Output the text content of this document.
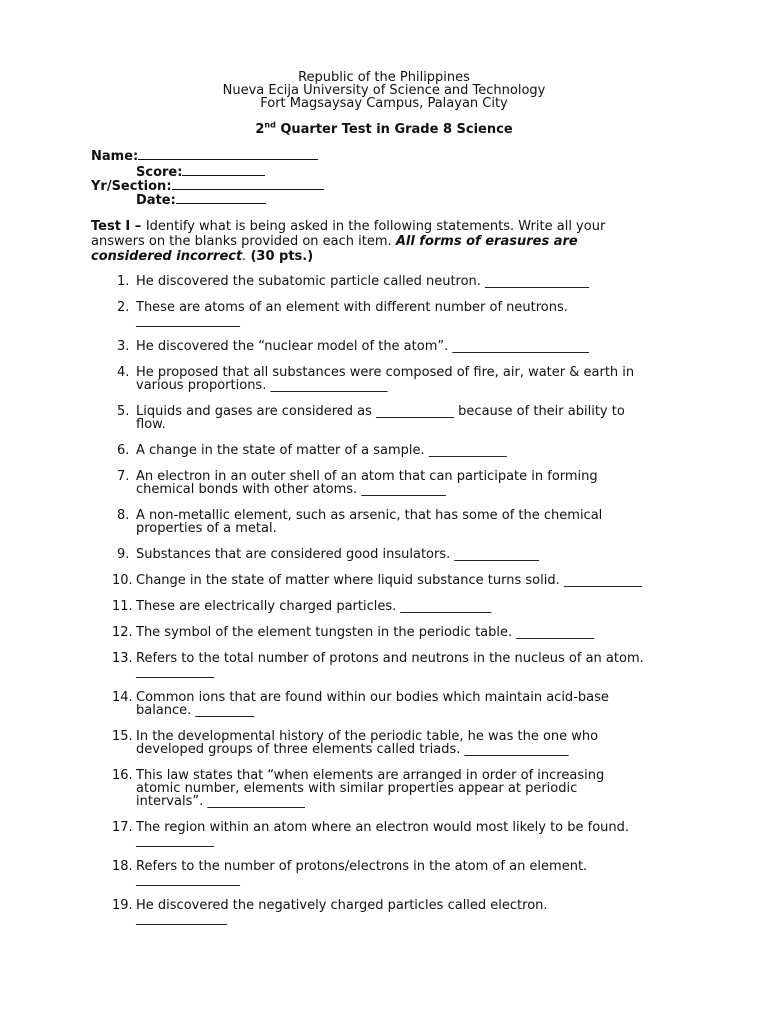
Republic of the Philippines
Nueva Ecija University of Science and Technology
Fort Magsaysay Campus, Palayan City
2nd Quarter Test in Grade 8 Science
Name:
Score:
Yr/Section:
Date:
Test I – Identify what is being asked in the following statements. Write all your answers on the blanks provided on each item. All forms of erasures are considered incorrect. (30 pts.)
1. He discovered the subatomic particle called neutron. ________________
2. These are atoms of an element with different number of neutrons.
________________
3. He discovered the “nuclear model of the atom”. _____________________
4. He proposed that all substances were composed of fire, air, water & earth in
various proportions. __________________
5. Liquids and gases are considered as ____________ because of their ability to
flow.
6. A change in the state of matter of a sample. ____________
7. An electron in an outer shell of an atom that can participate in forming
chemical bonds with other atoms. _____________
8. A non-metallic element, such as arsenic, that has some of the chemical
properties of a metal.
9. Substances that are considered good insulators. _____________
10. Change in the state of matter where liquid substance turns solid. ____________
11. These are electrically charged particles. ______________
12. The symbol of the element tungsten in the periodic table. ____________
13. Refers to the total number of protons and neutrons in the nucleus of an atom.
____________
14. Common ions that are found within our bodies which maintain acid-base
balance. _________
15. In the developmental history of the periodic table, he was the one who
developed groups of three elements called triads. ________________
16. This law states that “when elements are arranged in order of increasing
atomic number, elements with similar properties appear at periodic
intervals”. _______________
17. The region within an atom where an electron would most likely to be found.
____________
18. Refers to the number of protons/electrons in the atom of an element.
________________
19. He discovered the negatively charged particles called electron.
______________
